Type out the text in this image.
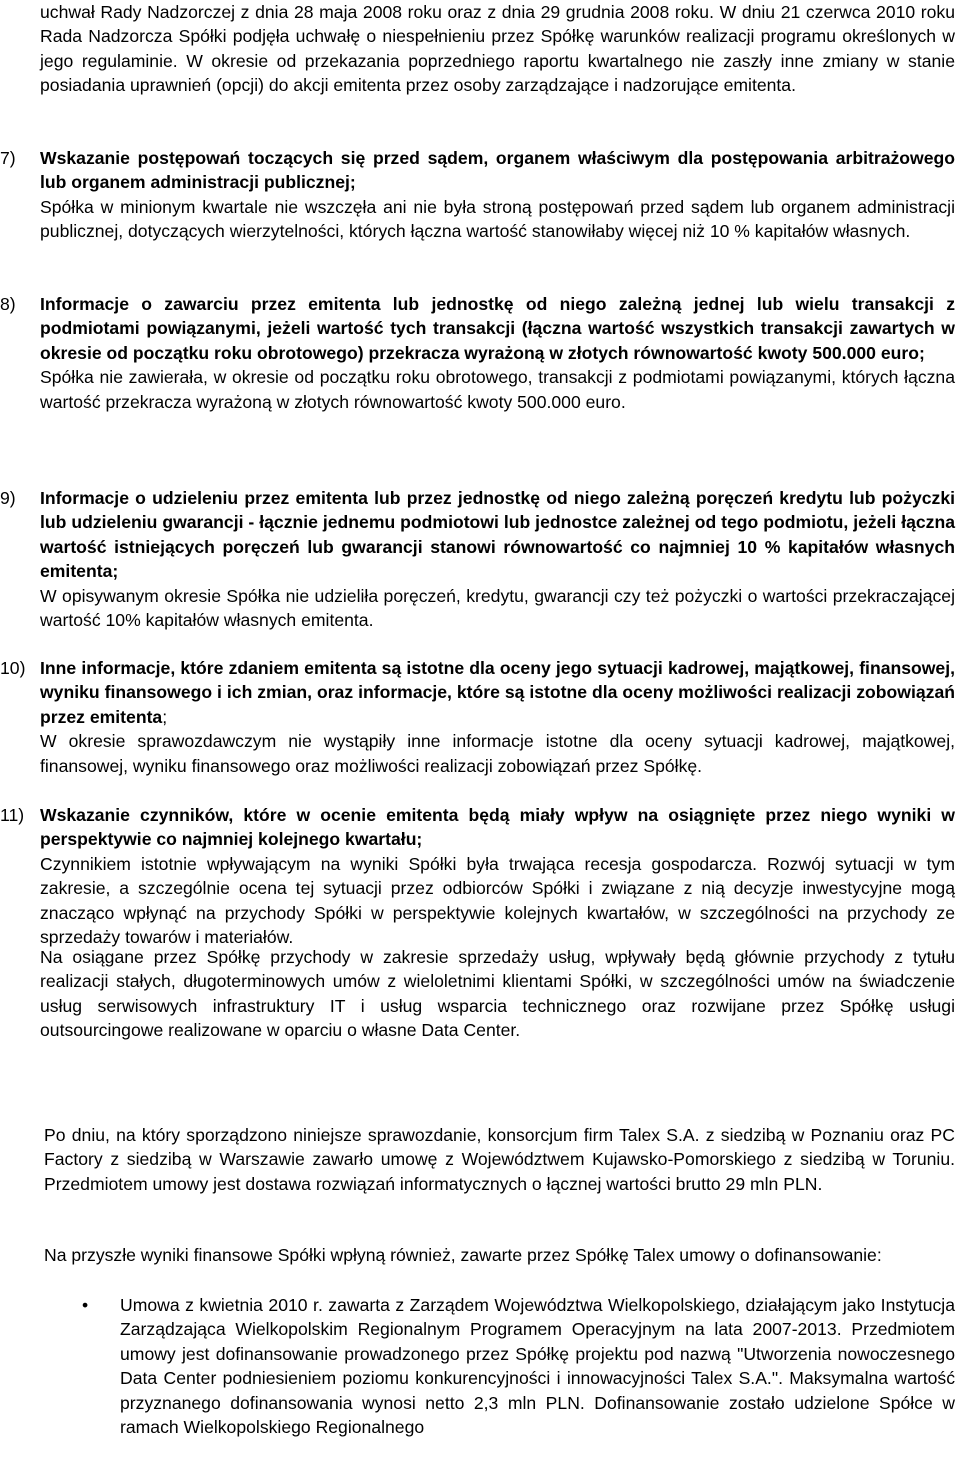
uchwał Rady Nadzorczej z dnia 28 maja 2008 roku oraz z dnia 29 grudnia 2008 roku. W dniu 21 czerwca 2010 roku Rada Nadzorcza Spółki podjęła uchwałę o niespełnieniu przez Spółkę warunków realizacji programu określonych w jego regulaminie. W okresie od przekazania poprzedniego raportu kwartalnego nie zaszły inne zmiany w stanie posiadania uprawnień (opcji) do akcji emitenta przez osoby zarządzające i nadzorujące emitenta.

7) Wskazanie postępowań toczących się przed sądem, organem właściwym dla postępowania arbitrażowego lub organem administracji publicznej;

Spółka w minionym kwartale nie wszczęła ani nie była stroną postępowań przed sądem lub organem administracji publicznej, dotyczących wierzytelności, których łączna wartość stanowiłaby więcej niż 10 % kapitałów własnych.

8) Informacje o zawarciu przez emitenta lub jednostkę od niego zależną jednej lub wielu transakcji z podmiotami powiązanymi, jeżeli wartość tych transakcji (łączna wartość wszystkich transakcji zawartych w okresie od początku roku obrotowego) przekracza wyrażoną w złotych równowartość kwoty 500.000 euro;

Spółka nie zawierała, w okresie od początku roku obrotowego, transakcji z podmiotami powiązanymi, których łączna wartość przekracza wyrażoną w złotych równowartość kwoty 500.000 euro.

9) Informacje o udzieleniu przez emitenta lub przez jednostkę od niego zależną poręczeń kredytu lub pożyczki lub udzieleniu gwarancji - łącznie jednemu podmiotowi lub jednostce zależnej od tego podmiotu, jeżeli łączna wartość istniejących poręczeń lub gwarancji stanowi równowartość co najmniej 10 % kapitałów własnych emitenta;

W opisywanym okresie Spółka nie udzieliła poręczeń, kredytu, gwarancji czy też pożyczki o wartości przekraczającej wartość 10% kapitałów własnych emitenta.

10) Inne informacje, które zdaniem emitenta są istotne dla oceny jego sytuacji kadrowej, majątkowej, finansowej, wyniku finansowego i ich zmian, oraz informacje, które są istotne dla oceny możliwości realizacji zobowiązań przez emitenta;

W okresie sprawozdawczym nie wystąpiły inne informacje istotne dla oceny sytuacji kadrowej, majątkowej, finansowej, wyniku finansowego oraz możliwości realizacji zobowiązań przez Spółkę.

11) Wskazanie czynników, które w ocenie emitenta będą miały wpływ na osiągnięte przez niego wyniki w perspektywie co najmniej kolejnego kwartału;

Czynnikiem istotnie wpływającym na wyniki Spółki była trwająca recesja gospodarcza. Rozwój sytuacji w tym zakresie, a szczególnie ocena tej sytuacji przez odbiorców Spółki i związane z nią decyzje inwestycyjne mogą znacząco wpłynąć na przychody Spółki w perspektywie kolejnych kwartałów, w szczególności na przychody ze sprzedaży towarów i materiałów.

Na osiągane przez Spółkę przychody w zakresie sprzedaży usług, wpływały będą głównie przychody z tytułu realizacji stałych, długoterminowych umów z wieloletnimi klientami Spółki, w szczególności umów na świadczenie usług serwisowych infrastruktury IT i usług wsparcia technicznego oraz rozwijane przez Spółkę usługi outsourcingowe realizowane w oparciu o własne Data Center.

Po dniu, na który sporządzono niniejsze sprawozdanie, konsorcjum firm Talex S.A. z siedzibą w Poznaniu oraz PC Factory z siedzibą w Warszawie zawarło umowę z Województwem Kujawsko-Pomorskiego z siedzibą w Toruniu. Przedmiotem umowy jest dostawa rozwiązań informatycznych o łącznej wartości brutto 29 mln PLN.

Na przyszłe wyniki finansowe Spółki wpłyną również, zawarte przez Spółkę Talex umowy o dofinansowanie:

• Umowa z kwietnia 2010 r. zawarta z Zarządem Województwa Wielkopolskiego, działającym jako Instytucja Zarządzająca Wielkopolskim Regionalnym Programem Operacyjnym na lata 2007-2013. Przedmiotem umowy jest dofinansowanie prowadzonego przez Spółkę projektu pod nazwą "Utworzenia nowoczesnego Data Center podniesieniem poziomu konkurencyjności i innowacyjności Talex S.A.". Maksymalna wartość przyznanego dofinansowania wynosi netto 2,3 mln PLN. Dofinansowanie zostało udzielone Spółce w ramach Wielkopolskiego Regionalnego
